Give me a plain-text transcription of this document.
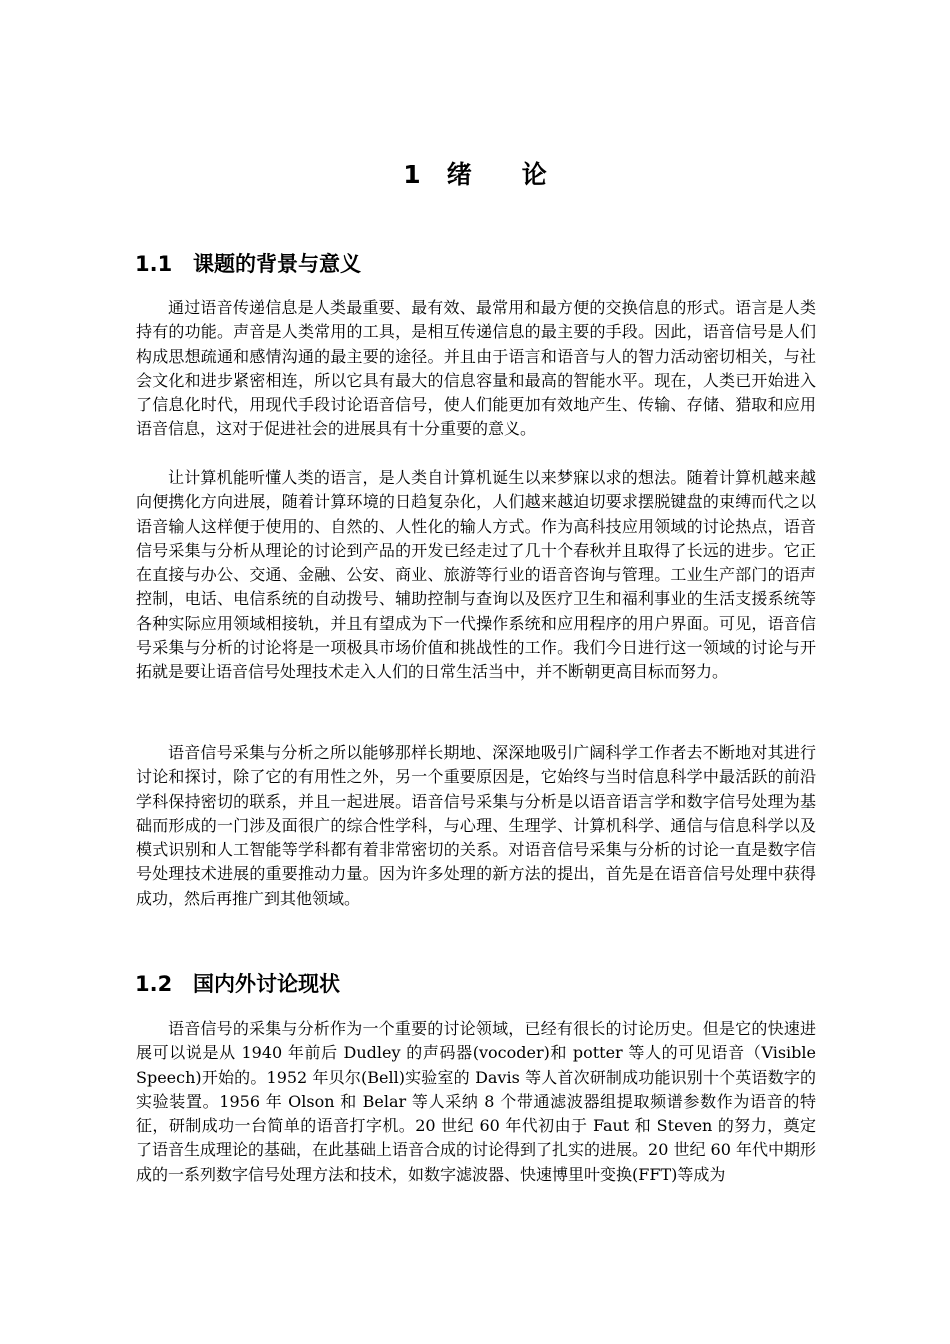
1 绪　　论
1.1 课题的背景与意义

通过语音传递信息是人类最重要、最有效、最常用和最方便的交换信息的形式。语言是人类持有的功能。声音是人类常用的工具，是相互传递信息的最主要的手段。因此，语音信号是人们构成思想疏通和感情沟通的最主要的途径。并且由于语言和语音与人的智力活动密切相关，与社会文化和进步紧密相连，所以它具有最大的信息容量和最高的智能水平。现在，人类已开始进入了信息化时代，用现代手段讨论语音信号，使人们能更加有效地产生、传输、存储、猎取和应用语音信息，这对于促进社会的进展具有十分重要的意义。

让计算机能听懂人类的语言，是人类自计算机诞生以来梦寐以求的想法。随着计算机越来越向便携化方向进展，随着计算环境的日趋复杂化，人们越来越迫切要求摆脱键盘的束缚而代之以语音输人这样便于使用的、自然的、人性化的输人方式。作为高科技应用领域的讨论热点，语音信号采集与分析从理论的讨论到产品的开发已经走过了几十个春秋并且取得了长远的进步。它正在直接与办公、交通、金融、公安、商业、旅游等行业的语音咨询与管理。工业生产部门的语声控制，电话、电信系统的自动拨号、辅助控制与查询以及医疗卫生和福利事业的生活支援系统等各种实际应用领域相接轨，并且有望成为下一代操作系统和应用程序的用户界面。可见，语音信号采集与分析的讨论将是一项极具市场价值和挑战性的工作。我们今日进行这一领域的讨论与开拓就是要让语音信号处理技术走入人们的日常生活当中，并不断朝更高目标而努力。

语音信号采集与分析之所以能够那样长期地、深深地吸引广阔科学工作者去不断地对其进行讨论和探讨，除了它的有用性之外，另一个重要原因是，它始终与当时信息科学中最活跃的前沿学科保持密切的联系，并且一起进展。语音信号采集与分析是以语音语言学和数字信号处理为基础而形成的一门涉及面很广的综合性学科，与心理、生理学、计算机科学、通信与信息科学以及模式识别和人工智能等学科都有着非常密切的关系。对语音信号采集与分析的讨论一直是数字信号处理技术进展的重要推动力量。因为许多处理的新方法的提出，首先是在语音信号处理中获得成功，然后再推广到其他领域。

1.2 国内外讨论现状

语音信号的采集与分析作为一个重要的讨论领域，已经有很长的讨论历史。但是它的快速进展可以说是从 1940 年前后 Dudley 的声码器(vocoder)和 potter 等人的可见语音（Visible Speech)开始的。1952 年贝尔(Bell)实验室的 Davis 等人首次研制成功能识别十个英语数字的实验装置。1956 年 Olson 和 Belar 等人采纳 8 个带通滤波器组提取频谱参数作为语音的特征，研制成功一台简单的语音打字机。20 世纪 60 年代初由于 Faut 和 Steven 的努力，奠定了语音生成理论的基础，在此基础上语音合成的讨论得到了扎实的进展。20 世纪 60 年代中期形成的一系列数字信号处理方法和技术，如数字滤波器、快速博里叶变换(FFT)等成为
